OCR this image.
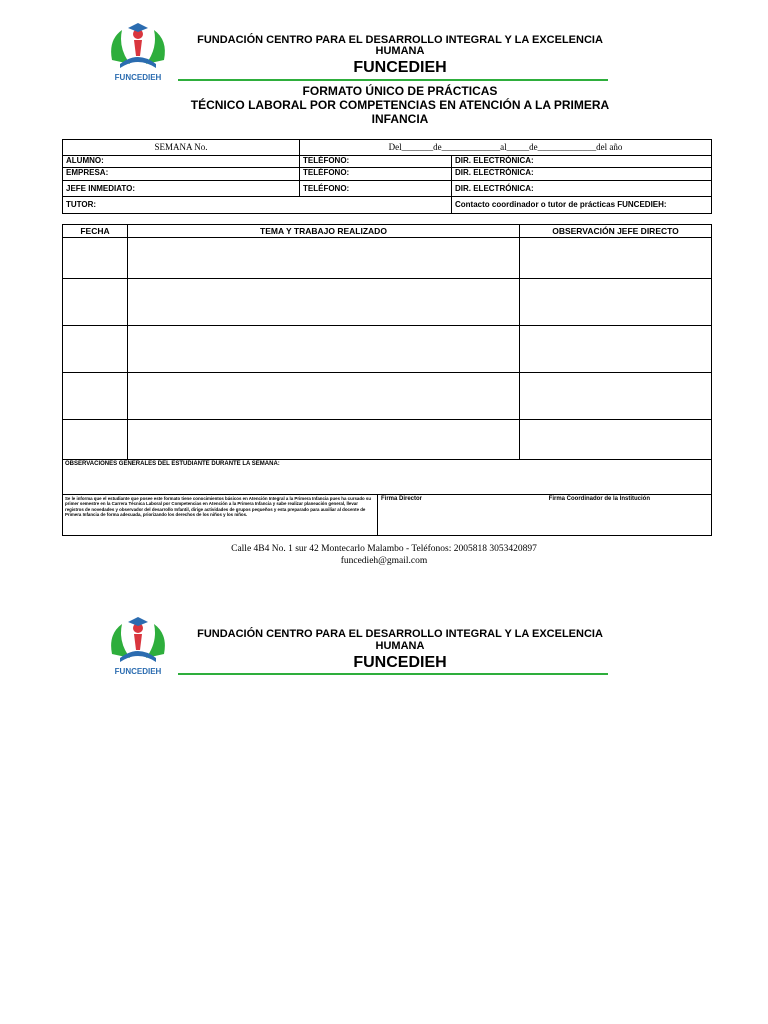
FUNCEDIEH
FUNDACIÓN CENTRO PARA EL DESARROLLO INTEGRAL Y LA EXCELENCIA
HUMANA
FUNCEDIEH
FORMATO ÚNICO DE PRÁCTICAS
TÉCNICO LABORAL POR COMPETENCIAS EN ATENCIÓN A LA PRIMERA
INFANCIA
SEMANA No.	Del_______de_____________al_____de_____________del año	
ALUMNO:	TELÉFONO:	DIR. ELECTRÓNICA:
EMPRESA:	TELÉFONO:	DIR. ELECTRÓNICA:
JEFE INMEDIATO:	TELÉFONO:	DIR. ELECTRÓNICA:
TUTOR:		Contacto coordinador o tutor de prácticas FUNCEDIEH:
FECHA	TEMA Y TRABAJO REALIZADO	OBSERVACIÓN JEFE DIRECTO

OBSERVACIONES GENERALES DEL ESTUDIANTE DURANTE LA SEMANA:		
Se le informa que el estudiante que posee este formato tiene conocimientos básicos en Atención Integral a la Primera Infancia pues ha cursado su primer semestre en la Carrera Técnica Laboral por Competencias en Atención a la Primera Infancia y sabe realizar planeación general, llevar registros de novedades y observador del desarrollo Infantil, dirige actividades de grupos pequeños y esta preparado para auxiliar al docente de Primera Infancia de forma adecuada, priorizando los derechos de los niños y los niños.

Firma Director	Firma Coordinador de la Institución
Calle 4B4 No. 1 sur 42 Montecarlo Malambo - Teléfonos: 2005818 3053420897
funcedieh@gmail.com
FUNCEDIEH
FUNDACIÓN CENTRO PARA EL DESARROLLO INTEGRAL Y LA EXCELENCIA
HUMANA
FUNCEDIEH
